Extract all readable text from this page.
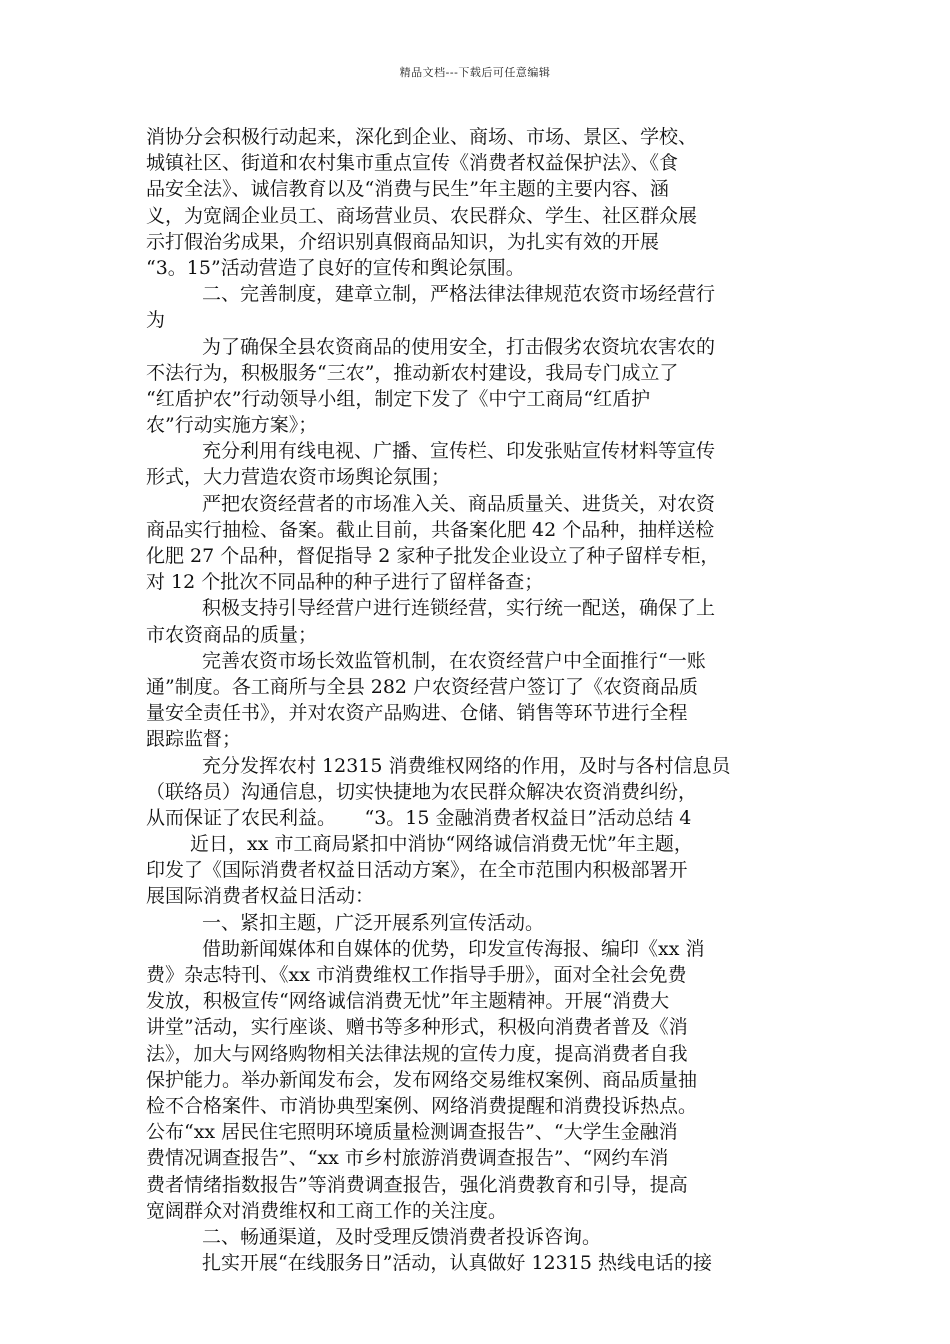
精品文档---下载后可任意编辑
消协分会积极行动起来，深化到企业、商场、市场、景区、学校、
城镇社区、街道和农村集市重点宣传《消费者权益保护法》、《食
品安全法》、诚信教育以及“消费与民生”年主题的主要内容、涵
义，为宽阔企业员工、商场营业员、农民群众、学生、社区群众展
示打假治劣成果，介绍识别真假商品知识，为扎实有效的开展
“3。15”活动营造了良好的宣传和舆论氛围。
二、完善制度，建章立制，严格法律法律规范农资市场经营行
为
为了确保全县农资商品的使用安全，打击假劣农资坑农害农的
不法行为，积极服务“三农”，推动新农村建设，我局专门成立了
“红盾护农”行动领导小组，制定下发了《中宁工商局“红盾护
农”行动实施方案》；
充分利用有线电视、广播、宣传栏、印发张贴宣传材料等宣传
形式，大力营造农资市场舆论氛围；
严把农资经营者的市场准入关、商品质量关、进货关，对农资
商品实行抽检、备案。截止目前，共备案化肥 42 个品种，抽样送检
化肥 27 个品种，督促指导 2 家种子批发企业设立了种子留样专柜，
对 12 个批次不同品种的种子进行了留样备查；
积极支持引导经营户进行连锁经营，实行统一配送，确保了上
市农资商品的质量；
完善农资市场长效监管机制，在农资经营户中全面推行“一账
通”制度。各工商所与全县 282 户农资经营户签订了《农资商品质
量安全责任书》，并对农资产品购进、仓储、销售等环节进行全程
跟踪监督；
充分发挥农村 12315 消费维权网络的作用，及时与各村信息员
（联络员）沟通信息，切实快捷地为农民群众解决农资消费纠纷，
从而保证了农民利益。　　“3。15 金融消费者权益日”活动总结 4
近日，xx 市工商局紧扣中消协“网络诚信消费无忧”年主题，
印发了《国际消费者权益日活动方案》，在全市范围内积极部署开
展国际消费者权益日活动：
一、紧扣主题，广泛开展系列宣传活动。
借助新闻媒体和自媒体的优势，印发宣传海报、编印《xx 消
费》杂志特刊、《xx 市消费维权工作指导手册》，面对全社会免费
发放，积极宣传“网络诚信消费无忧”年主题精神。开展“消费大
讲堂”活动，实行座谈、赠书等多种形式，积极向消费者普及《消
法》，加大与网络购物相关法律法规的宣传力度，提高消费者自我
保护能力。举办新闻发布会，发布网络交易维权案例、商品质量抽
检不合格案件、市消协典型案例、网络消费提醒和消费投诉热点。
公布“xx 居民住宅照明环境质量检测调查报告”、“大学生金融消
费情况调查报告”、“xx 市乡村旅游消费调查报告”、“网约车消
费者情绪指数报告”等消费调查报告，强化消费教育和引导，提高
宽阔群众对消费维权和工商工作的关注度。
二、畅通渠道，及时受理反馈消费者投诉咨询。
扎实开展“在线服务日”活动，认真做好 12315 热线电话的接
